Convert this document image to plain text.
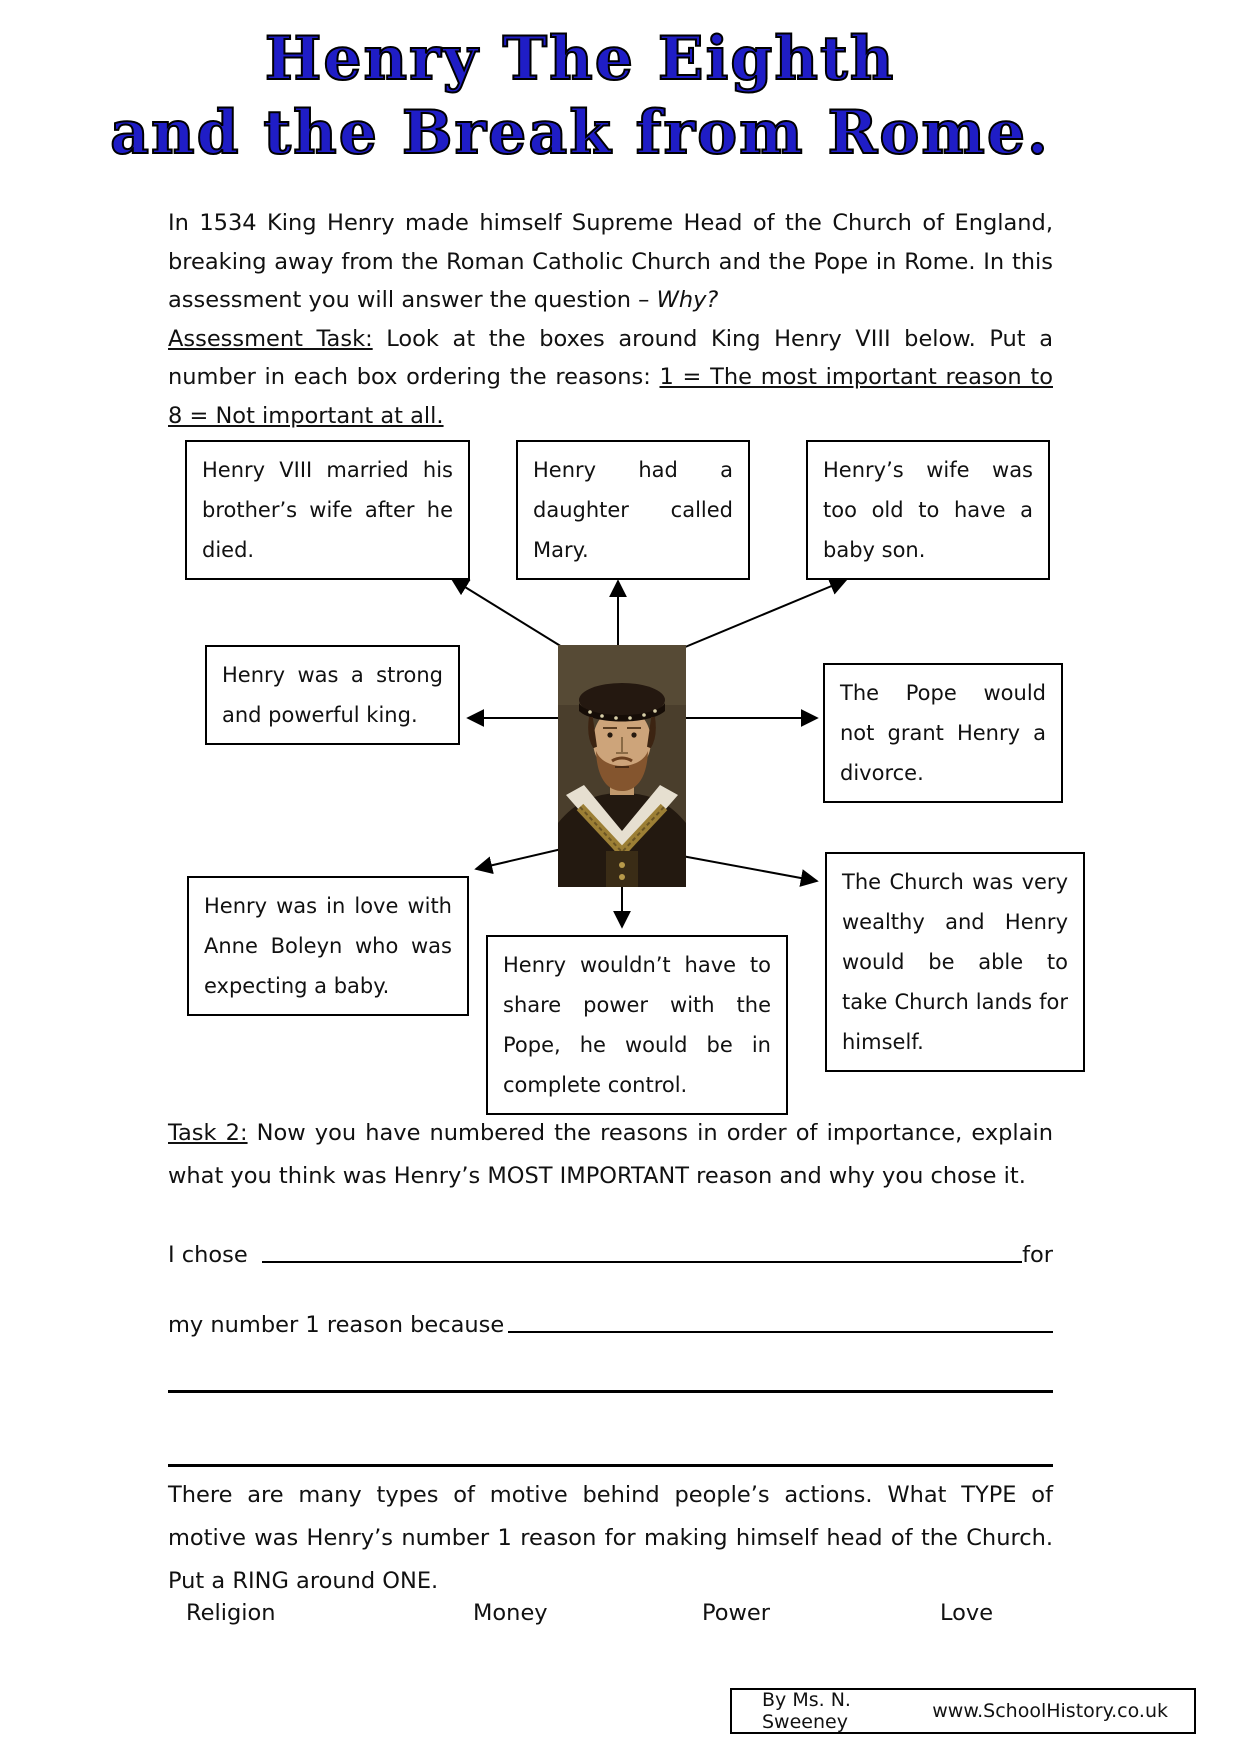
Henry The Eighth
and the Break from Rome.

In 1534 King Henry made himself Supreme Head of the Church of England, breaking away from the Roman Catholic Church and the Pope in Rome. In this assessment you will answer the question – Why?

Assessment Task: Look at the boxes around King Henry VIII below. Put a number in each box ordering the reasons: 1 = The most important reason to 8 = Not important at all.

Henry VIII married his brother’s wife after he died.
Henry had a daughter called Mary.
Henry’s wife was too old to have a baby son.
Henry was a strong and powerful king.
The Pope would not grant Henry a divorce.
Henry was in love with Anne Boleyn who was expecting a baby.
Henry wouldn’t have to share power with the Pope, he would be in complete control.
The Church was very wealthy and Henry would be able to take Church lands for himself.

Task 2: Now you have numbered the reasons in order of importance, explain what you think was Henry’s MOST IMPORTANT reason and why you chose it.

I chose	for
my number 1 reason because

There are many types of motive behind people’s actions. What TYPE of motive was Henry’s number 1 reason for making himself head of the Church. Put a RING around ONE.

Religion	Money	Power	Love
By Ms. N. Sweeney	www.SchoolHistory.co.uk
